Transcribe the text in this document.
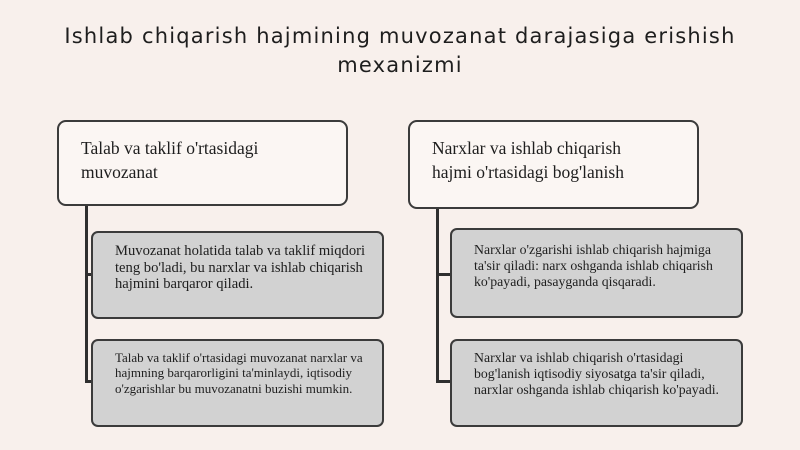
Ishlab chiqarish hajmining muvozanat darajasiga erishish
mexanizmi
Talab va taklif o'rtasidagi
muvozanat
Muvozanat holatida talab va taklif miqdori teng bo'ladi, bu narxlar va ishlab chiqarish hajmini barqaror qiladi.
Talab va taklif o'rtasidagi muvozanat narxlar va hajmning barqarorligini ta'minlaydi, iqtisodiy o'zgarishlar bu muvozanatni buzishi mumkin.
Narxlar va ishlab chiqarish
hajmi o'rtasidagi bog'lanish
Narxlar o'zgarishi ishlab chiqarish hajmiga ta'sir qiladi: narx oshganda ishlab chiqarish ko'payadi, pasayganda qisqaradi.
Narxlar va ishlab chiqarish o'rtasidagi bog'lanish iqtisodiy siyosatga ta'sir qiladi, narxlar oshganda ishlab chiqarish ko'payadi.
